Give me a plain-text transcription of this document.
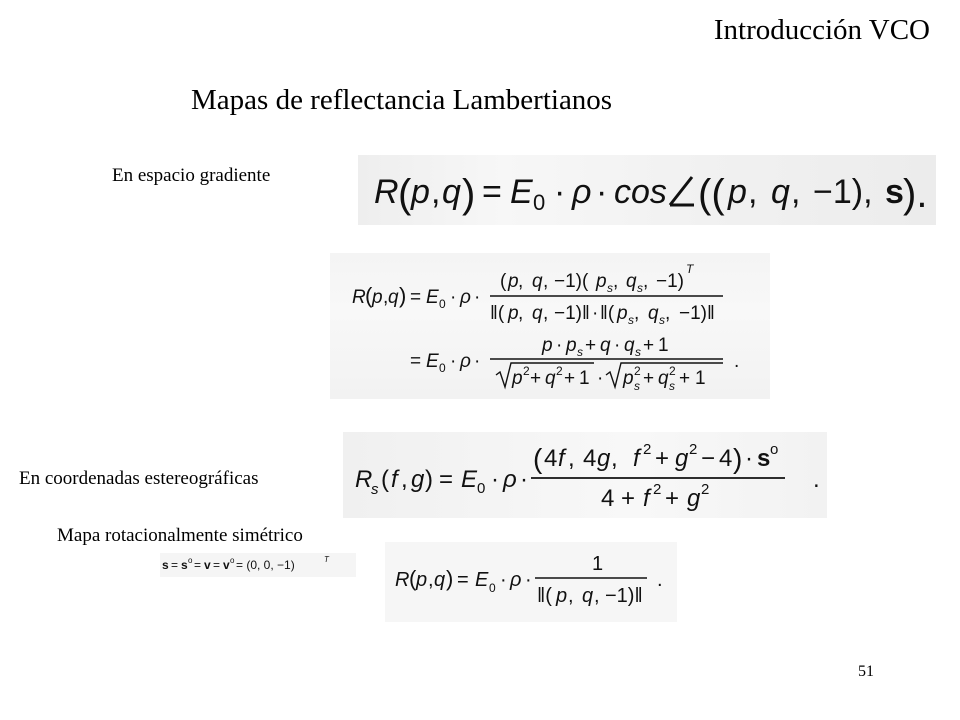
Introducción VCO
Mapas de reflectancia Lambertianos
En espacio gradiente
En coordenadas estereográficas
Mapa rotacionalmente simétrico
R ( p , q ) = E 0 · ρ · cos (( p , q , −1), s ).
R ( p , q ) = E 0 · ρ ·
( p , q , −1)( p s , q s , −1)
T
‖( p , q , −1)‖ · ‖( p s , q s , −1)‖
= E 0 · ρ ·
p · p s + q · q s + 1
p 2 + q 2 + 1 · p s
2 + q s
2 + 1
.
R
s ( f , g ) = E 0 · ρ ·
( 4 f , 4 g , f 2 + g 2 − 4 ) · s o
4 + f 2 + g 2	.
s = s o = v = v o = (0, 0, −1)	T
R ( p , q ) = E 0 · ρ ·
1
‖( p , q , −1)‖
.
51
